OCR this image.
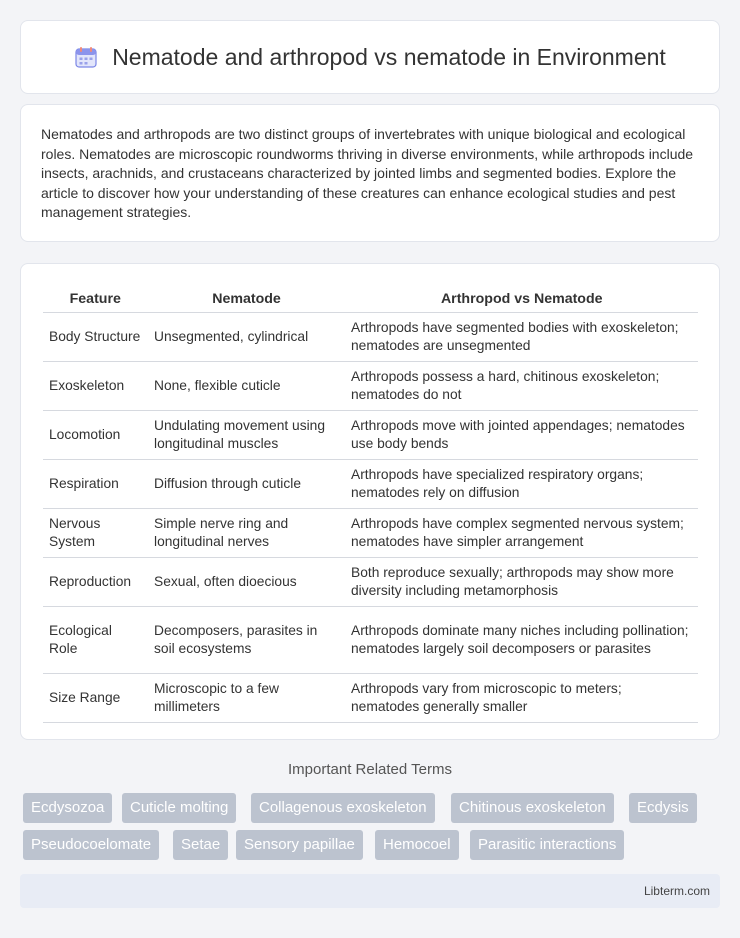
Nematode and arthropod vs nematode in Environment

Nematodes and arthropods are two distinct groups of invertebrates with unique biological and ecological roles. Nematodes are microscopic roundworms thriving in diverse environments, while arthropods include insects, arachnids, and crustaceans characterized by jointed limbs and segmented bodies. Explore the article to discover how your understanding of these creatures can enhance ecological studies and pest management strategies.

Feature	Nematode	Arthropod vs Nematode
Body Structure	Unsegmented, cylindrical	Arthropods have segmented bodies with exoskeleton; nematodes are unsegmented
Exoskeleton	None, flexible cuticle	Arthropods possess a hard, chitinous exoskeleton; nematodes do not
Locomotion	Undulating movement using longitudinal muscles	Arthropods move with jointed appendages; nematodes use body bends
Respiration	Diffusion through cuticle	Arthropods have specialized respiratory organs; nematodes rely on diffusion
Nervous System	Simple nerve ring and longitudinal nerves	Arthropods have complex segmented nervous system; nematodes have simpler arrangement
Reproduction	Sexual, often dioecious	Both reproduce sexually; arthropods may show more diversity including metamorphosis
Ecological Role	Decomposers, parasites in soil ecosystems	Arthropods dominate many niches including pollination; nematodes largely soil decomposers or parasites
Size Range	Microscopic to a few millimeters	Arthropods vary from microscopic to meters; nematodes generally smaller
Important Related Terms
Ecdysozoa	Cuticle molting	Collagenous exoskeleton	Chitinous exoskeleton	Ecdysis
Pseudocoelomate	Setae	Sensory papillae	Hemocoel	Parasitic interactions
Libterm.com
